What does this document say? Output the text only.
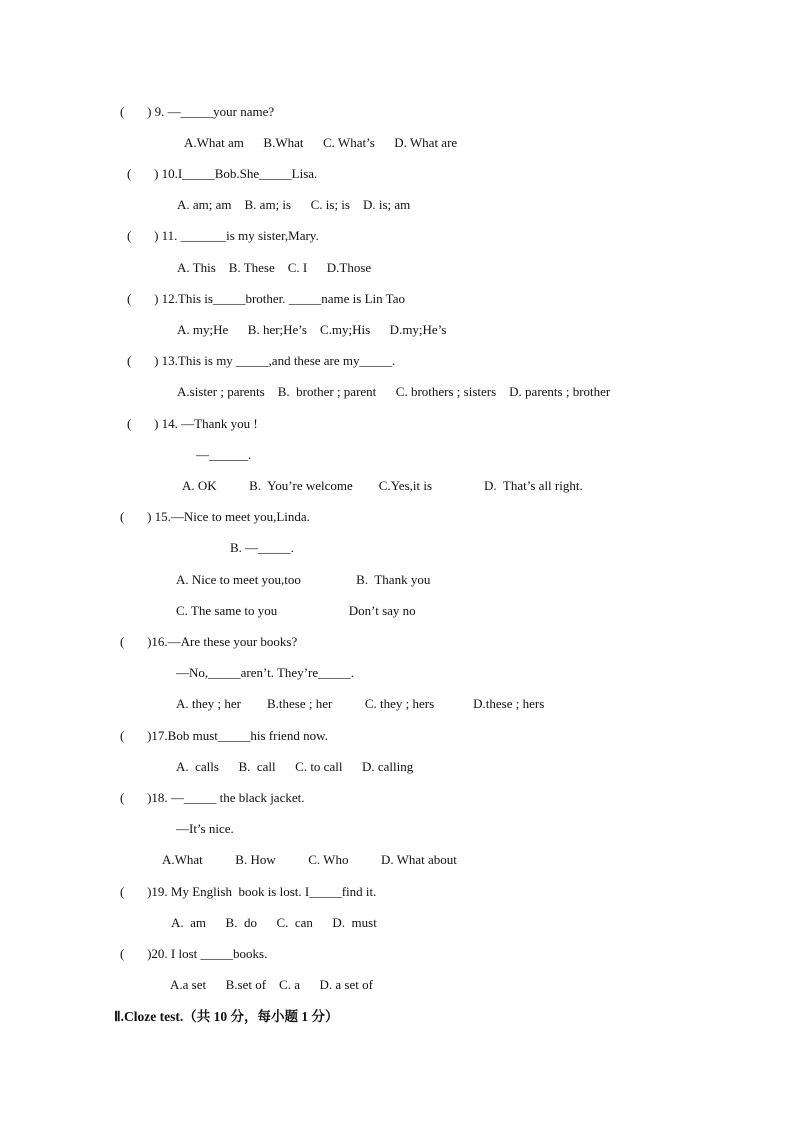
(       ) 9. —_____your name?
A.What am      B.What      C. What’s      D. What are
(       ) 10.I_____Bob.She_____Lisa.
A. am; am    B. am; is      C. is; is    D. is; am
(       ) 11. _______is my sister,Mary.
A. This    B. These    C. I      D.Those
(       ) 12.This is_____brother. _____name is Lin Tao
A. my;He      B. her;He’s    C.my;His      D.my;He’s
(       ) 13.This is my _____,and these are my_____.
A.sister ; parents    B.  brother ; parent      C. brothers ; sisters    D. parents ; brother
(       ) 14. —Thank you !
—______.
A. OK          B.  You’re welcome        C.Yes,it is                D.  That’s all right.
(       ) 15.—Nice to meet you,Linda.
B. —_____.
A. Nice to meet you,too                 B.  Thank you
C. The same to you                      Don’t say no
(       )16.—Are these your books?
—No,_____aren’t. They’re_____.
A. they ; her        B.these ; her          C. they ; hers            D.these ; hers
(       )17.Bob must_____his friend now.
A.  calls      B.  call      C. to call      D. calling
(       )18. —_____ the black jacket.
—It’s nice.
A.What          B. How          C. Who          D. What about
(       )19. My English  book is lost. I_____find it.
A.  am      B.  do      C.  can      D.  must
(       )20. I lost _____books.
A.a set      B.set of    C. a      D. a set of
Ⅱ.Cloze test.（共 10 分，每小题 1 分）
